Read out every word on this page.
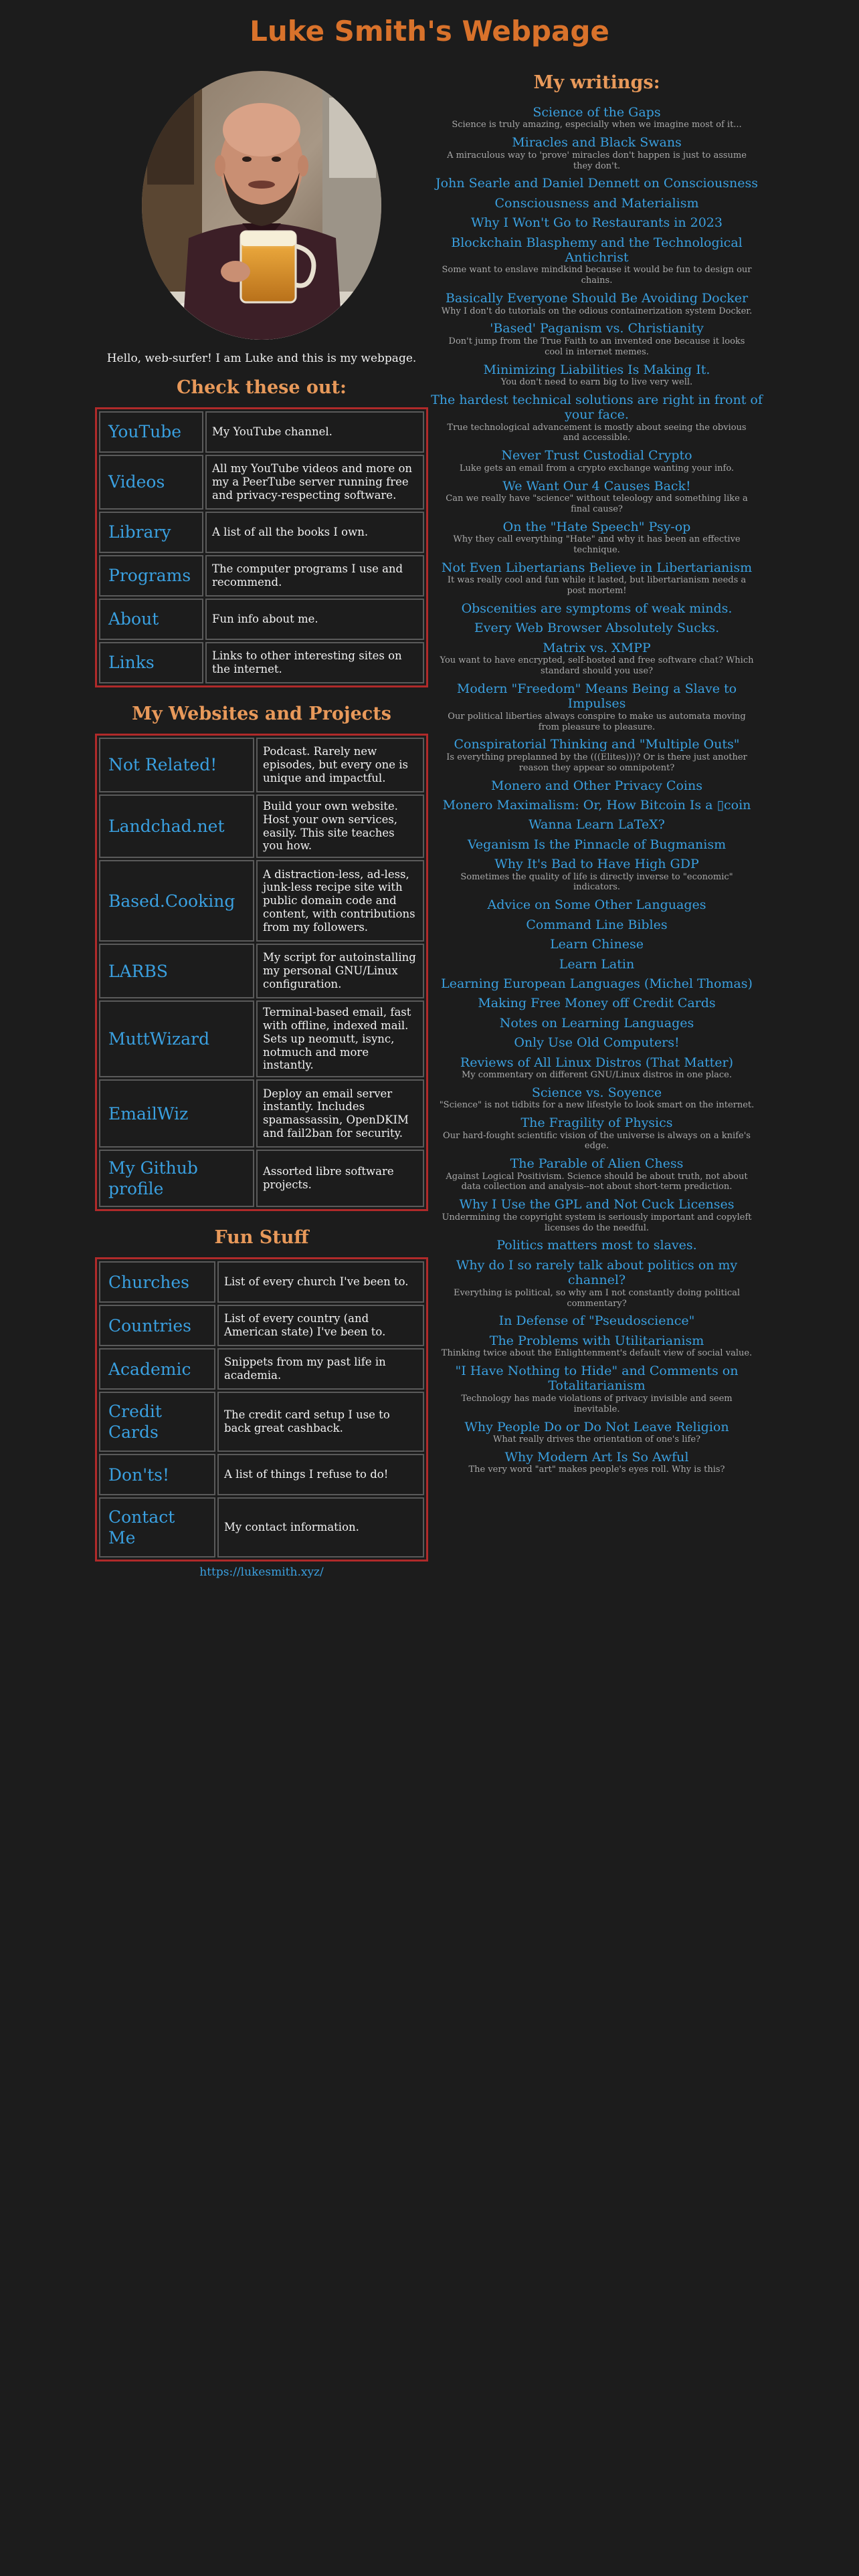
Luke Smith's Webpage
Hello, web-surfer! I am Luke and this is my webpage.
Check these out:
YouTube	My YouTube channel.
Videos	All my YouTube videos and more on my a PeerTube server running free and privacy-respecting software.
Library	A list of all the books I own.
Programs	The computer programs I use and recommend.
About	Fun info about me.
Links	Links to other interesting sites on the internet.
My Websites and Projects
Not Related!	Podcast. Rarely new episodes, but every one is unique and impactful.
Landchad.net	Build your own website. Host your own services, easily. This site teaches you how.
Based.Cooking	A distraction-less, ad-less, junk-less recipe site with public domain code and content, with contributions from my followers.
LARBS	My script for autoinstalling my personal GNU/Linux configuration.
MuttWizard	Terminal-based email, fast with offline, indexed mail. Sets up neomutt, isync, notmuch and more instantly.
EmailWiz	Deploy an email server instantly. Includes spamassassin, OpenDKIM and fail2ban for security.
My Github profile	Assorted libre software projects.
Fun Stuff
Churches	List of every church I've been to.
Countries	List of every country (and American state) I've been to.
Academic	Snippets from my past life in academia.
Credit Cards	The credit card setup I use to back great cashback.
Don'ts!	A list of things I refuse to do!
Contact Me	My contact information.
https://lukesmith.xyz/
My writings:
Science of the Gaps
Science is truly amazing, especially when we imagine most of it...
Miracles and Black Swans
A miraculous way to 'prove' miracles don't happen is just to assume they don't.
John Searle and Daniel Dennett on Consciousness
Consciousness and Materialism
Why I Won't Go to Restaurants in 2023
Blockchain Blasphemy and the Technological Antichrist
Some want to enslave mindkind because it would be fun to design our chains.
Basically Everyone Should Be Avoiding Docker
Why I don't do tutorials on the odious containerization system Docker.
'Based' Paganism vs. Christianity
Don't jump from the True Faith to an invented one because it looks cool in internet memes.
Minimizing Liabilities Is Making It.
You don't need to earn big to live very well.
The hardest technical solutions are right in front of your face.
True technological advancement is mostly about seeing the obvious and accessible.
Never Trust Custodial Crypto
Luke gets an email from a crypto exchange wanting your info.
We Want Our 4 Causes Back!
Can we really have "science" without teleology and something like a final cause?
On the "Hate Speech" Psy-op
Why they call everything "Hate" and why it has been an effective technique.
Not Even Libertarians Believe in Libertarianism
It was really cool and fun while it lasted, but libertarianism needs a post mortem!
Obscenities are symptoms of weak minds.
Every Web Browser Absolutely Sucks.
Matrix vs. XMPP
You want to have encrypted, self-hosted and free software chat? Which standard should you use?
Modern "Freedom" Means Being a Slave to Impulses
Our political liberties always conspire to make us automata moving from pleasure to pleasure.
Conspiratorial Thinking and "Multiple Outs"
Is everything preplanned by the (((Elites)))? Or is there just another reason they appear so omnipotent?
Monero and Other Privacy Coins
Monero Maximalism: Or, How Bitcoin Is a ▯coin
Wanna Learn LaTeX?
Veganism Is the Pinnacle of Bugmanism
Why It's Bad to Have High GDP
Sometimes the quality of life is directly inverse to "economic" indicators.
Advice on Some Other Languages
Command Line Bibles
Learn Chinese
Learn Latin
Learning European Languages (Michel Thomas)
Making Free Money off Credit Cards
Notes on Learning Languages
Only Use Old Computers!
Reviews of All Linux Distros (That Matter)
My commentary on different GNU/Linux distros in one place.
Science vs. Soyence
"Science" is not tidbits for a new lifestyle to look smart on the internet.
The Fragility of Physics
Our hard-fought scientific vision of the universe is always on a knife's edge.
The Parable of Alien Chess
Against Logical Positivism. Science should be about truth, not about data collection and analysis--not about short-term prediction.
Why I Use the GPL and Not Cuck Licenses
Undermining the copyright system is seriously important and copyleft licenses do the needful.
Politics matters most to slaves.
Why do I so rarely talk about politics on my channel?
Everything is political, so why am I not constantly doing political commentary?
In Defense of "Pseudoscience"
The Problems with Utilitarianism
Thinking twice about the Enlightenment's default view of social value.
"I Have Nothing to Hide" and Comments on Totalitarianism
Technology has made violations of privacy invisible and seem inevitable.
Why People Do or Do Not Leave Religion
What really drives the orientation of one's life?
Why Modern Art Is So Awful
The very word "art" makes people's eyes roll. Why is this?
